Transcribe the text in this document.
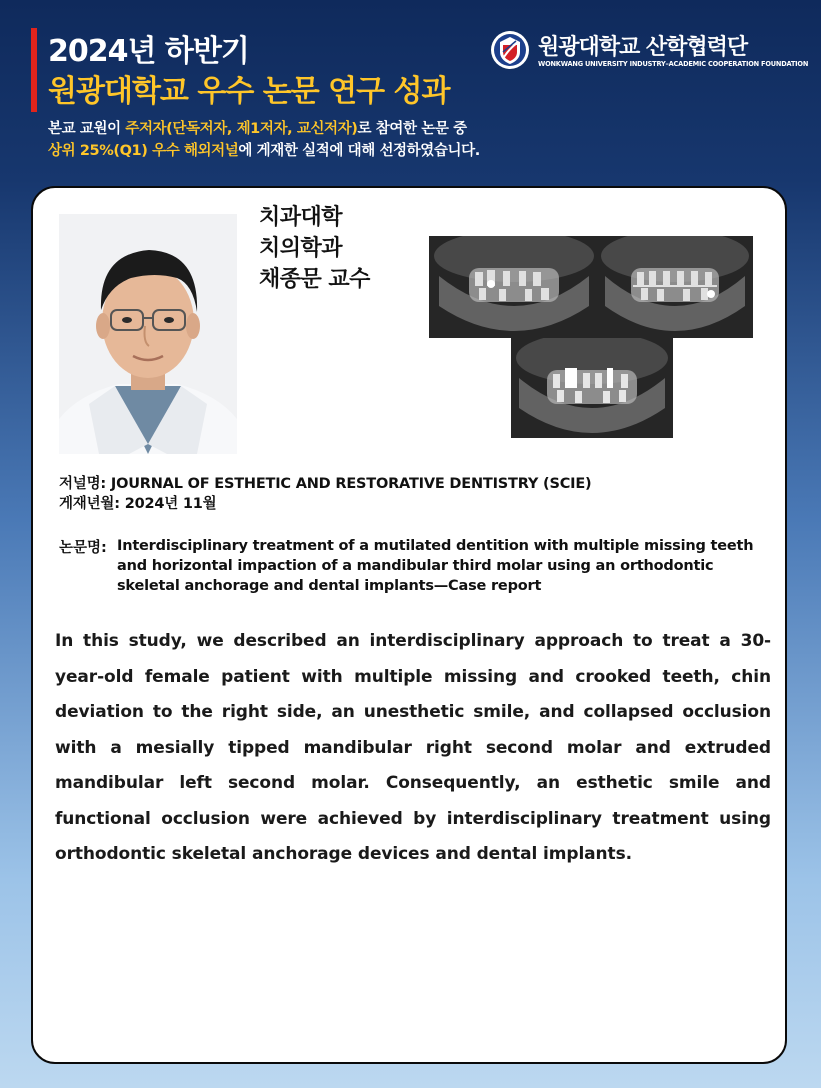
2024년 하반기
원광대학교 우수 논문 연구 성과
본교 교원이 주저자(단독저자, 제1저자, 교신저자)로 참여한 논문 중
상위 25%(Q1) 우수 해외저널에 게재한 실적에 대해 선정하였습니다.
원광대학교 산학협력단
WONKWANG UNIVERSITY INDUSTRY–ACADEMIC COOPERATION FOUNDATION
치과대학
치의학과
채종문 교수
저널명: JOURNAL OF ESTHETIC AND RESTORATIVE DENTISTRY (SCIE)
게재년월: 2024년 11월
논문명: Interdisciplinary treatment of a mutilated dentition with multiple missing teeth and horizontal impaction of a mandibular third molar using an orthodontic skeletal anchorage and dental implants—Case report
In this study, we described an interdisciplinary approach to treat a 30-year-old female patient with multiple missing and crooked teeth, chin deviation to the right side, an unesthetic smile, and collapsed occlusion with a mesially tipped mandibular right second molar and extruded mandibular left second molar. Consequently, an esthetic smile and functional occlusion were achieved by interdisciplinary treatment using orthodontic skeletal anchorage devices and dental implants.
